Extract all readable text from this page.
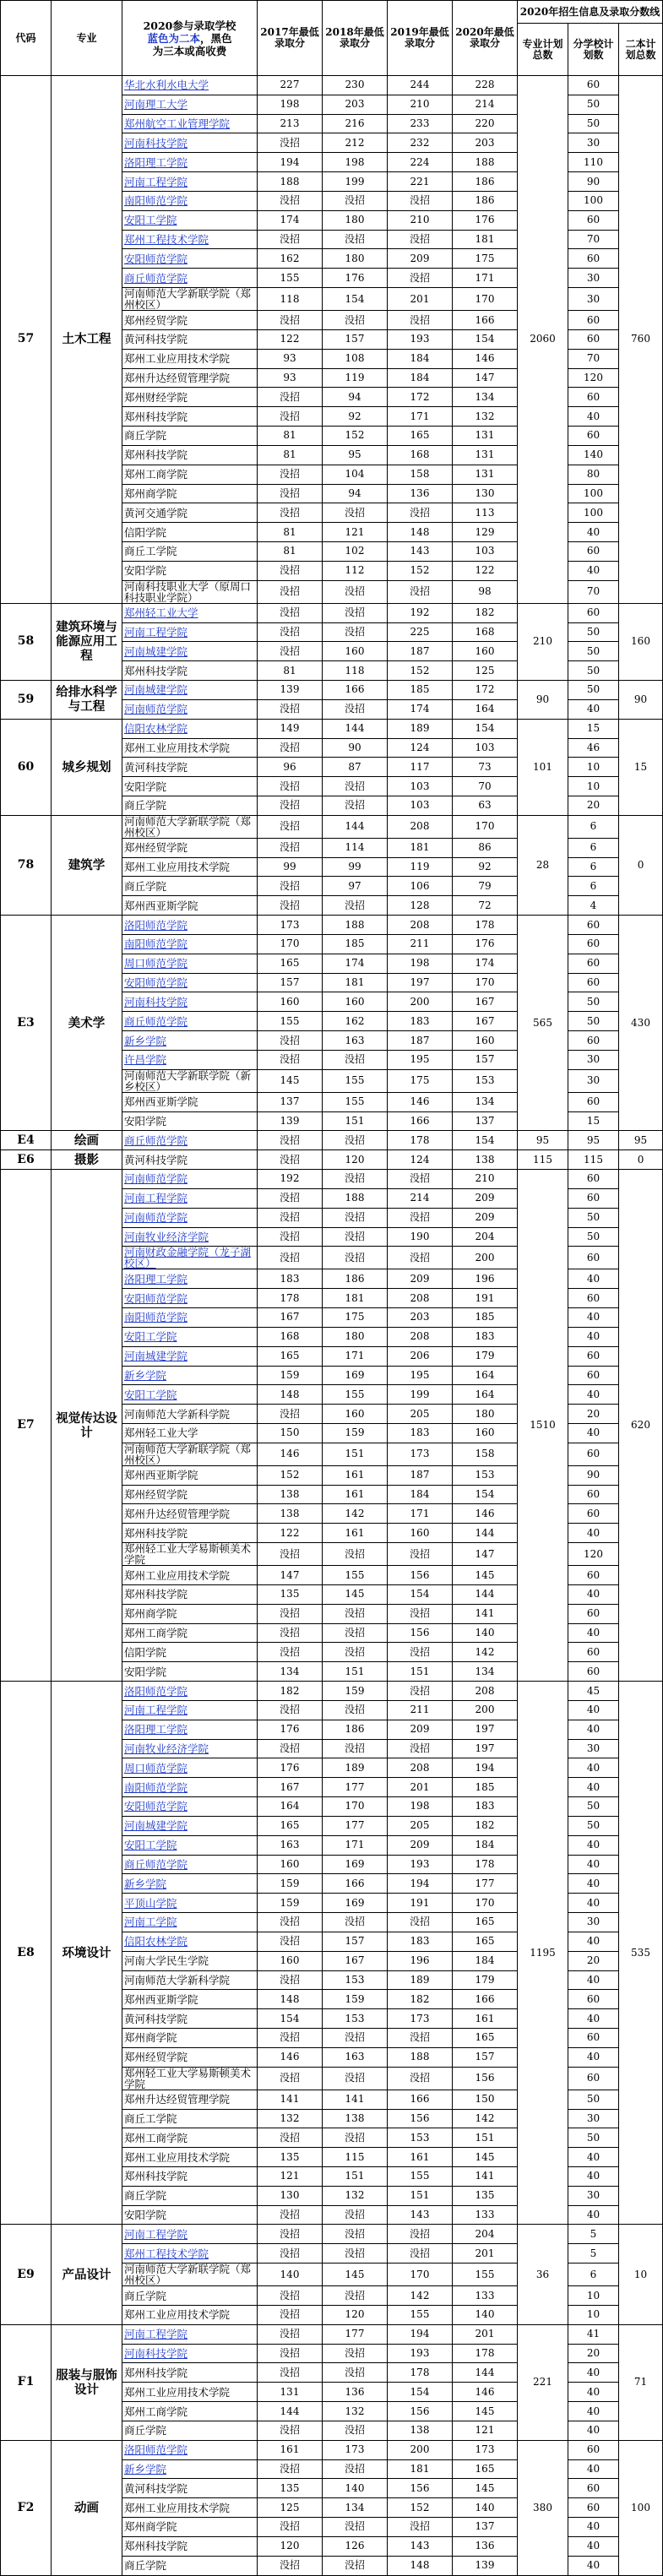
代码	专业	2020参与录取学校
蓝色为二本，黑色
为三本或高收费	2017年最低录取分	2018年最低录取分	2019年最低录取分	2020年最低录取分	2020年招生信息及录取分数线		
							专业计划总数	分学校计划数	二本计划总数
57	土木工程	华北水利水电大学	227	230	244	228	2060	60	760
		河南理工大学	198	203	210	214		50	
		郑州航空工业管理学院	213	216	233	220		50	
		河南科技学院	没招	212	232	203		30	
		洛阳理工学院	194	198	224	188		110	
		河南工程学院	188	199	221	186		90	
		南阳师范学院	没招	没招	没招	186		100	
		安阳工学院	174	180	210	176		60	
		郑州工程技术学院	没招	没招	没招	181		70	
		安阳师范学院	162	180	209	175		60	
		商丘师范学院	155	176	没招	171		30	
		河南师范大学新联学院（郑州校区）	118	154	201	170		30	
		郑州经贸学院	没招	没招	没招	166		60	
		黄河科技学院	122	157	193	154		60	
		郑州工业应用技术学院	93	108	184	146		70	
		郑州升达经贸管理学院	93	119	184	147		120	
		郑州财经学院	没招	94	172	134		60	
		郑州科技学院	没招	92	171	132		40	
		商丘学院	81	152	165	131		60	
		郑州科技学院	81	95	168	131		140	
		郑州工商学院	没招	104	158	131		80	
		郑州商学院	没招	94	136	130		100	
		黄河交通学院	没招	没招	没招	113		100	
		信阳学院	81	121	148	129		40	
		商丘工学院	81	102	143	103		60	
		安阳学院	没招	112	152	122		40	
		河南科技职业大学（原周口科技职业学院）	没招	没招	没招	98		70	
58	建筑环境与能源应用工程	郑州轻工业大学	没招	没招	192	182	210	60	160
		河南工程学院	没招	没招	225	168		50	
		河南城建学院	没招	160	187	160		50	
		郑州科技学院	81	118	152	125		50	
59	给排水科学与工程	河南城建学院	139	166	185	172	90	50	90
		河南师范学院	没招	没招	174	164		40	
60	城乡规划	信阳农林学院	149	144	189	154	101	15	15
		郑州工业应用技术学院	没招	90	124	103		46	
		黄河科技学院	96	87	117	73		10	
		安阳学院	没招	没招	103	70		10	
		商丘学院	没招	没招	103	63		20	
78	建筑学	河南师范大学新联学院（郑州校区）	没招	144	208	170	28	6	0
		郑州经贸学院	没招	114	181	86		6	
		郑州工业应用技术学院	99	99	119	92		6	
		商丘学院	没招	97	106	79		6	
		郑州西亚斯学院	没招	没招	128	72		4	
E3	美术学	洛阳师范学院	173	188	208	178	565	60	430
		南阳师范学院	170	185	211	176		60	
		周口师范学院	165	174	198	174		60	
		安阳师范学院	157	181	197	170		60	
		河南科技学院	160	160	200	167		50	
		商丘师范学院	155	162	183	167		50	
		新乡学院	没招	163	187	160		60	
		许昌学院	没招	没招	195	157		30	
		河南师范大学新联学院（新乡校区）	145	155	175	153		30	
		郑州西亚斯学院	137	155	146	134		60	
		安阳学院	139	151	166	137		15	
E4	绘画	商丘师范学院	没招	没招	178	154	95	95	95
E6	摄影	黄河科技学院	没招	120	124	138	115	115	0
E7	视觉传达设计	河南师范学院	192	没招	没招	210	1510	60	620
		河南工程学院	没招	188	214	209		60	
		河南师范学院	没招	没招	没招	209		50	
		河南牧业经济学院	没招	没招	190	204		50	
		河南财政金融学院（龙子湖校区）	没招	没招	没招	200		60	
		洛阳理工学院	183	186	209	196		40	
		安阳师范学院	178	181	208	191		60	
		南阳师范学院	167	175	203	185		40	
		安阳工学院	168	180	208	183		40	
		河南城建学院	165	171	206	179		60	
		新乡学院	159	169	195	164		60	
		安阳工学院	148	155	199	164		40	
		河南师范大学新科学院	没招	160	205	180		20	
		郑州轻工业大学	150	159	183	160		40	
		河南师范大学新联学院（郑州校区）	146	151	173	158		60	
		郑州西亚斯学院	152	161	187	153		90	
		郑州经贸学院	138	161	184	154		60	
		郑州升达经贸管理学院	138	142	171	146		60	
		郑州科技学院	122	161	160	144		40	
		郑州轻工业大学易斯顿美术学院	没招	没招	没招	147		120	
		郑州工业应用技术学院	147	155	156	145		60	
		郑州科技学院	135	145	154	144		40	
		郑州商学院	没招	没招	没招	141		60	
		郑州工商学院	没招	没招	156	140		40	
		信阳学院	没招	没招	没招	142		60	
		安阳学院	134	151	151	134		60	
E8	环境设计	洛阳师范学院	182	159	没招	208	1195	45	535
		河南工程学院	没招	没招	211	200		40	
		洛阳理工学院	176	186	209	197		40	
		河南牧业经济学院	没招	没招	没招	197		30	
		周口师范学院	176	189	208	194		40	
		南阳师范学院	167	177	201	185		40	
		安阳师范学院	164	170	198	183		50	
		河南城建学院	165	177	205	182		50	
		安阳工学院	163	171	209	184		40	
		商丘师范学院	160	169	193	178		40	
		新乡学院	159	166	194	177		40	
		平顶山学院	159	169	191	170		40	
		河南工学院	没招	没招	没招	165		30	
		信阳农林学院	没招	157	183	165		40	
		河南大学民生学院	160	167	196	184		20	
		河南师范大学新科学院	没招	153	189	179		40	
		郑州西亚斯学院	148	159	182	166		60	
		黄河科技学院	154	153	173	161		40	
		郑州商学院	没招	没招	没招	165		60	
		郑州经贸学院	146	163	188	157		40	
		郑州轻工业大学易斯顿美术学院	没招	没招	没招	156		60	
		郑州升达经贸管理学院	141	141	166	150		50	
		商丘工学院	132	138	156	142		30	
		郑州工商学院	没招	没招	153	151		50	
		郑州工业应用技术学院	135	115	161	145		40	
		郑州科技学院	121	151	155	141		40	
		商丘学院	130	132	151	135		30	
		安阳学院	没招	没招	143	133		40	
E9	产品设计	河南工程学院	没招	没招	没招	204	36	5	10
		郑州工程技术学院	没招	没招	没招	201		5	
		河南师范大学新联学院（郑州校区）	140	145	170	155		6	
		商丘学院	没招	没招	142	133		10	
		郑州工业应用技术学院	没招	120	155	140		10	
F1	服装与服饰设计	河南工程学院	没招	177	194	201	221	41	71
		河南科技学院	没招	没招	193	178		20	
		郑州科技学院	没招	没招	178	144		40	
		郑州工业应用技术学院	131	136	154	146		40	
		郑州工商学院	144	132	156	145		40	
		商丘学院	没招	没招	138	121		40	
F2	动画	洛阳师范学院	161	173	200	173	380	60	100
		新乡学院	没招	没招	181	165		40	
		黄河科技学院	135	140	156	145		60	
		郑州工业应用技术学院	125	134	152	140		60	
		郑州商学院	没招	没招	没招	137		40	
		郑州科技学院	120	126	143	136		40	
		商丘学院	没招	没招	148	139		40	
